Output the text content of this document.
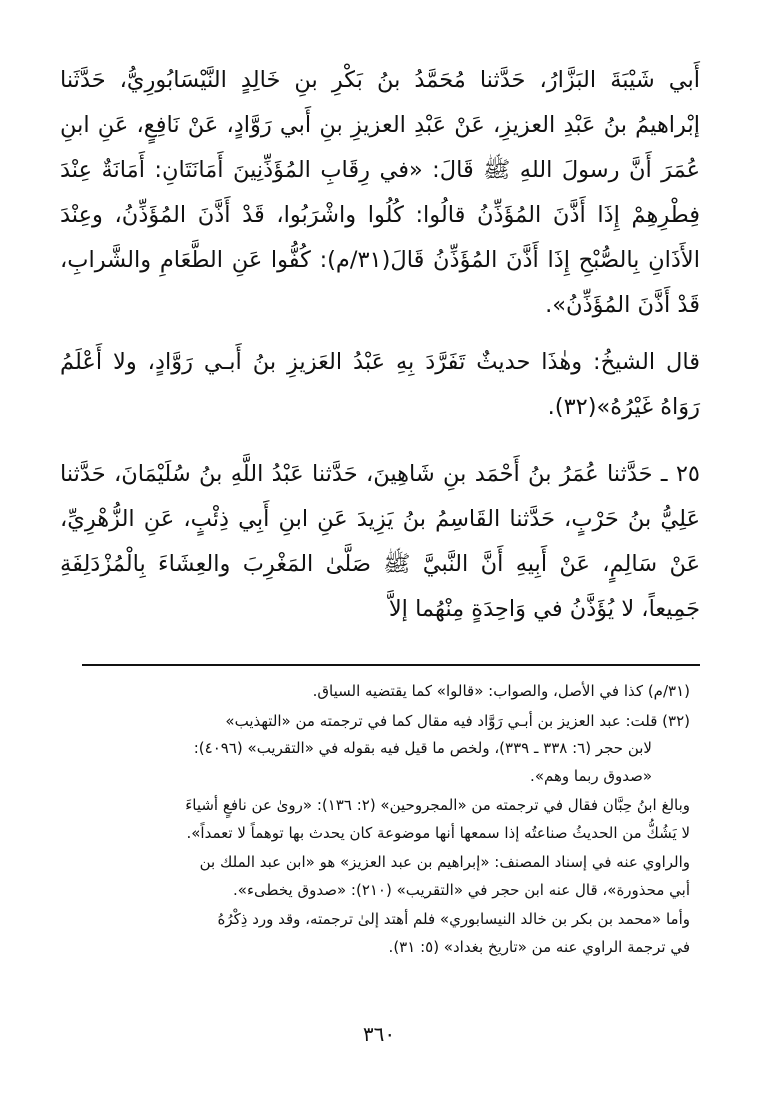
أَبي شَيْبَةَ البَزَّارُ، حَدَّثنا مُحَمَّدُ بنُ بَكْرِ بنِ خَالِدٍ النَّيْسَابُورِيُّ، حَدَّثَنا إبْراهيمُ بنُ عَبْدِ العزيزِ، عَنْ عَبْدِ العزيزِ بنِ أَبي رَوَّادٍ، عَنْ نَافِعٍ، عَنِ ابنِ عُمَرَ أَنَّ رسولَ اللهِ ﷺ قَالَ: «في رِقَابِ المُؤَذِّنِينَ أَمَانَتَانِ: أَمَانَةٌ عِنْدَ فِطْرِهِمْ إِذَا أَذَّنَ المُؤَذِّنُ قالُوا: كُلُوا واشْرَبُوا، قَدْ أَذَّنَ المُؤَذِّنُ، وعِنْدَ الأَذَانِ بِالصُّبْحِ إِذَا أَذَّنَ المُؤَذِّنُ قَالَ(٣١/م): كُفُّوا عَنِ الطَّعَامِ والشَّرابِ، قَدْ أَذَّنَ المُؤَذِّنُ».

قال الشيخُ: وهٰذَا حديثٌ تَفَرَّدَ بِهِ عَبْدُ العَزيزِ بنُ أَبـي رَوَّادٍ، ولا أَعْلَمُ رَوَاهُ غَيْرُهُ»(٣٢).

٢٥ ـ حَدَّثنا عُمَرُ بنُ أَحْمَد بنِ شَاهِينَ، حَدَّثنا عَبْدُ اللَّهِ بنُ سُلَيْمَانَ، حَدَّثنا عَلِيُّ بنُ حَرْبٍ، حَدَّثنا القَاسِمُ بنُ يَزِيدَ عَنِ ابنِ أَبِي ذِئْبٍ، عَنِ الزُّهْرِيِّ، عَنْ سَالِمٍ، عَنْ أَبِيهِ أَنَّ النَّبيَّ ﷺ صَلَّىٰ المَغْرِبَ والعِشَاءَ بِالْمُزْدَلِفَةِ جَمِيعاً، لا يُؤَذَّنُ في وَاحِدَةٍ مِنْهُما إلاَّ

(٣١/م) كذا في الأصل، والصواب: «قالوا» كما يقتضيه السياق.

(٣٢) قلت: عبد العزيز بن أبـي رَوَّاد فيه مقال كما في ترجمته من «التهذيب»

لابن حجر (٦: ٣٣٨ ـ ٣٣٩)، ولخص ما قيل فيه بقوله في «التقريب» (٤٠٩٦):

«صدوق ربما وهم».

وبالغ ابنُ حِبَّان فقال في ترجمته من «المجروحين» (٢: ١٣٦): «روىٰ عن نافعٍ أشياءَ

لا يَشُكُّ من الحديثُ صناعتُه إذا سمعها أنها موضوعة كان يحدث بها توهماً لا تعمداً».

والراوي عنه في إسناد المصنف: «إبراهيم بن عبد العزيز» هو «ابن عبد الملك بن

أبي محذورة»، قال عنه ابن حجر في «التقريب» (٢١٠): «صدوق يخطىء».

وأما «محمد بن بكر بن خالد النيسابوري» فلم أهتد إلىٰ ترجمته، وقد ورد ذِكْرُهُ

في ترجمة الراوي عنه من «تاريخ بغداد» (٥: ٣١).

٣٦٠
